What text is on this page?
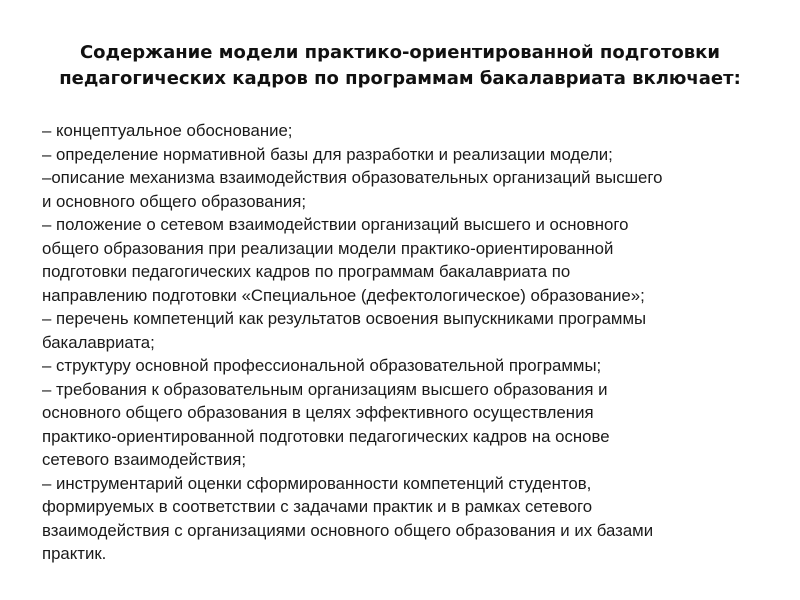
Содержание модели практико-ориентированной подготовки
педагогических кадров по программам бакалавриата включает:
– концептуальное обоснование;
– определение нормативной базы для разработки и реализации модели;
–описание механизма взаимодействия образовательных организаций высшего
и основного общего образования;
– положение о сетевом взаимодействии организаций высшего и основного
общего образования при реализации модели практико-ориентированной
подготовки педагогических кадров по программам бакалавриата по
направлению подготовки «Специальное (дефектологическое) образование»;
– перечень компетенций как результатов освоения выпускниками программы
бакалавриата;
– структуру основной профессиональной образовательной программы;
– требования к образовательным организациям высшего образования и
основного общего образования в целях эффективного осуществления
практико-ориентированной подготовки педагогических кадров на основе
сетевого взаимодействия;
– инструментарий оценки сформированности компетенций студентов,
формируемых в соответствии с задачами практик и в рамках сетевого
взаимодействия с организациями основного общего образования и их базами
практик.
